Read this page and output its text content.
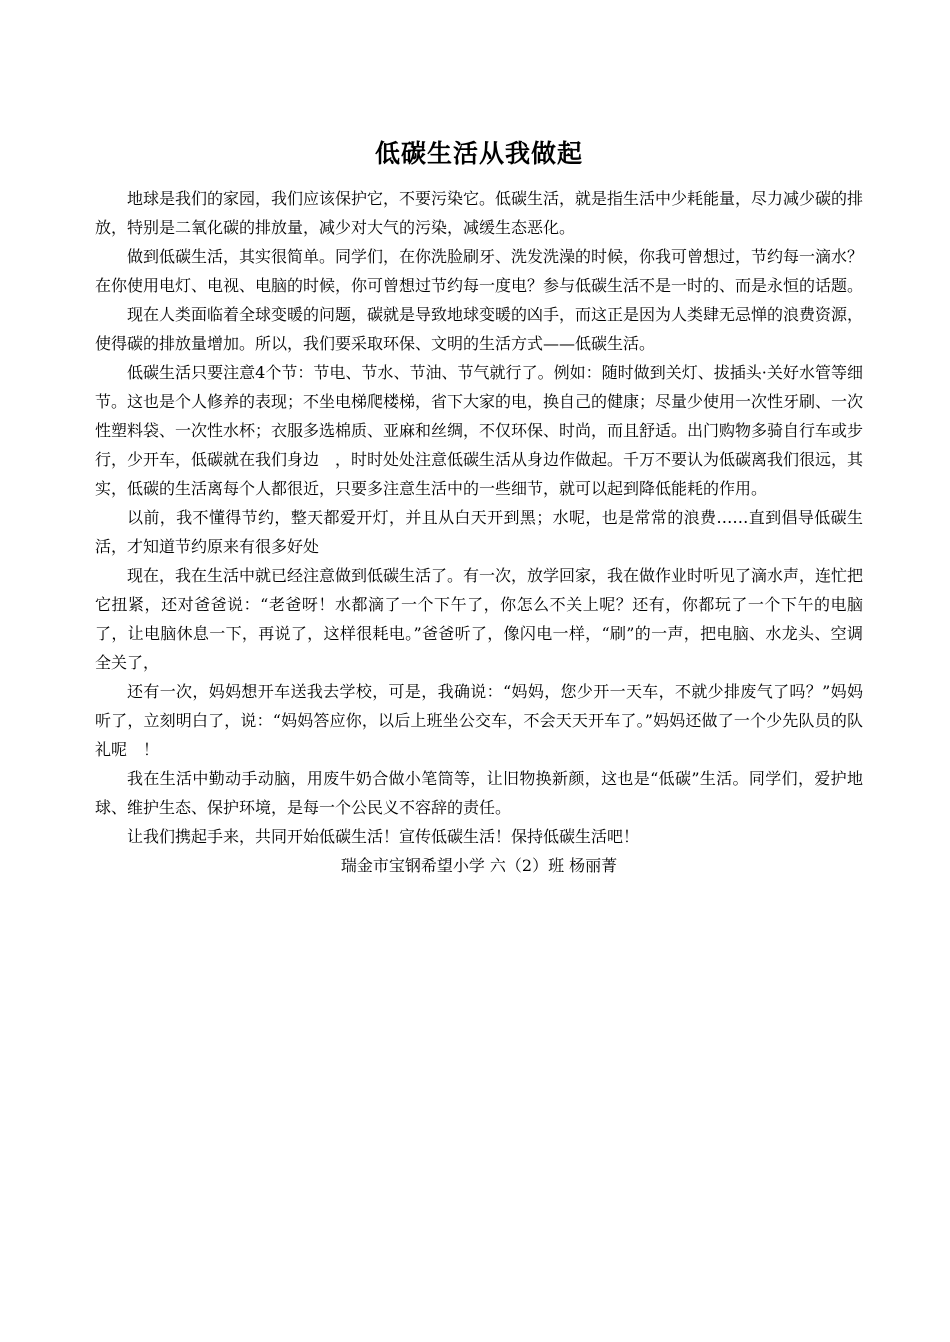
低碳生活从我做起

地球是我们的家园，我们应该保护它，不要污染它。低碳生活，就是指生活中少耗能量，尽力减少碳的排放，特别是二氧化碳的排放量，减少对大气的污染，减缓生态恶化。

做到低碳生活，其实很简单。同学们，在你洗脸刷牙、洗发洗澡的时候，你我可曾想过，节约每一滴水？在你使用电灯、电视、电脑的时候，你可曾想过节约每一度电？参与低碳生活不是一时的、而是永恒的话题。

现在人类面临着全球变暖的问题，碳就是导致地球变暖的凶手，而这正是因为人类肆无忌惮的浪费资源，使得碳的排放量增加。所以，我们要采取环保、文明的生活方式——低碳生活。

低碳生活只要注意4个节：节电、节水、节油、节气就行了。例如：随时做到关灯、拔插头·关好水管等细节。这也是个人修养的表现；不坐电梯爬楼梯，省下大家的电，换自己的健康；尽量少使用一次性牙刷、一次性塑料袋、一次性水杯；衣服多选棉质、亚麻和丝绸，不仅环保、时尚，而且舒适。出门购物多骑自行车或步行，少开车，低碳就在我们身边　，时时处处注意低碳生活从身边作做起。千万不要认为低碳离我们很远，其实，低碳的生活离每个人都很近，只要多注意生活中的一些细节，就可以起到降低能耗的作用。

以前，我不懂得节约，整天都爱开灯，并且从白天开到黑；水呢，也是常常的浪费……直到倡导低碳生活，才知道节约原来有很多好处

现在，我在生活中就已经注意做到低碳生活了。有一次，放学回家，我在做作业时听见了滴水声，连忙把它扭紧，还对爸爸说：“老爸呀！水都滴了一个下午了，你怎么不关上呢？还有，你都玩了一个下午的电脑了，让电脑休息一下，再说了，这样很耗电。”爸爸听了，像闪电一样，“刷”的一声，把电脑、水龙头、空调全关了，

还有一次，妈妈想开车送我去学校，可是，我确说：“妈妈，您少开一天车，不就少排废气了吗？”妈妈听了，立刻明白了，说：“妈妈答应你，以后上班坐公交车，不会天天开车了。”妈妈还做了一个少先队员的队礼呢　！

我在生活中勤动手动脑，用废牛奶合做小笔筒等，让旧物换新颜，这也是“低碳”生活。同学们，爱护地球、维护生态、保护环境，是每一个公民义不容辞的责任。

让我们携起手来，共同开始低碳生活！宣传低碳生活！保持低碳生活吧！

瑞金市宝钢希望小学 六（2）班 杨丽菁
